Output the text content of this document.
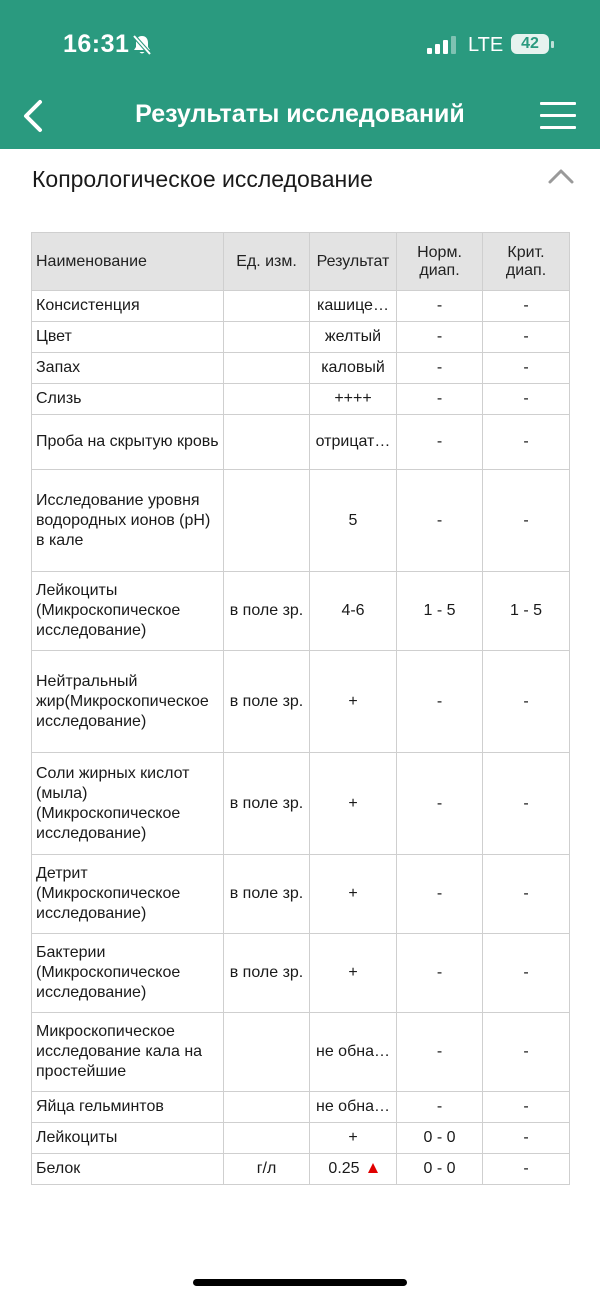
16:31	LTE	42
Результаты исследований
Копрологическое исследование
Наименование	Ед. изм.	Результат	Норм. диап.	Крит. диап.
Консистенция		кашице…	-	-
Цвет		желтый	-	-
Запах		каловый	-	-
Слизь		++++	-	-
Проба на скрытую кровь		отрицат…	-	-
Исследование уровня водородных ионов (pH) в кале		5	-	-
Лейкоциты (Микроскопическое исследование)	в поле зр.	4-6	1 - 5	1 - 5
Нейтральный жир(Микроскопическое исследование)	в поле зр.	+	-	-
Соли жирных кислот (мыла) (Микроскопическое исследование)	в поле зр.	+	-	-
Детрит (Микроскопическое исследование)	в поле зр.	+	-	-
Бактерии (Микроскопическое исследование)	в поле зр.	+	-	-
Микроскопическое исследование кала на простейшие		не обна…	-	-
Яйца гельминтов		не обна…	-	-
Лейкоциты		+	0 - 0	-
Белок	г/л	0.25	0 - 0	-
